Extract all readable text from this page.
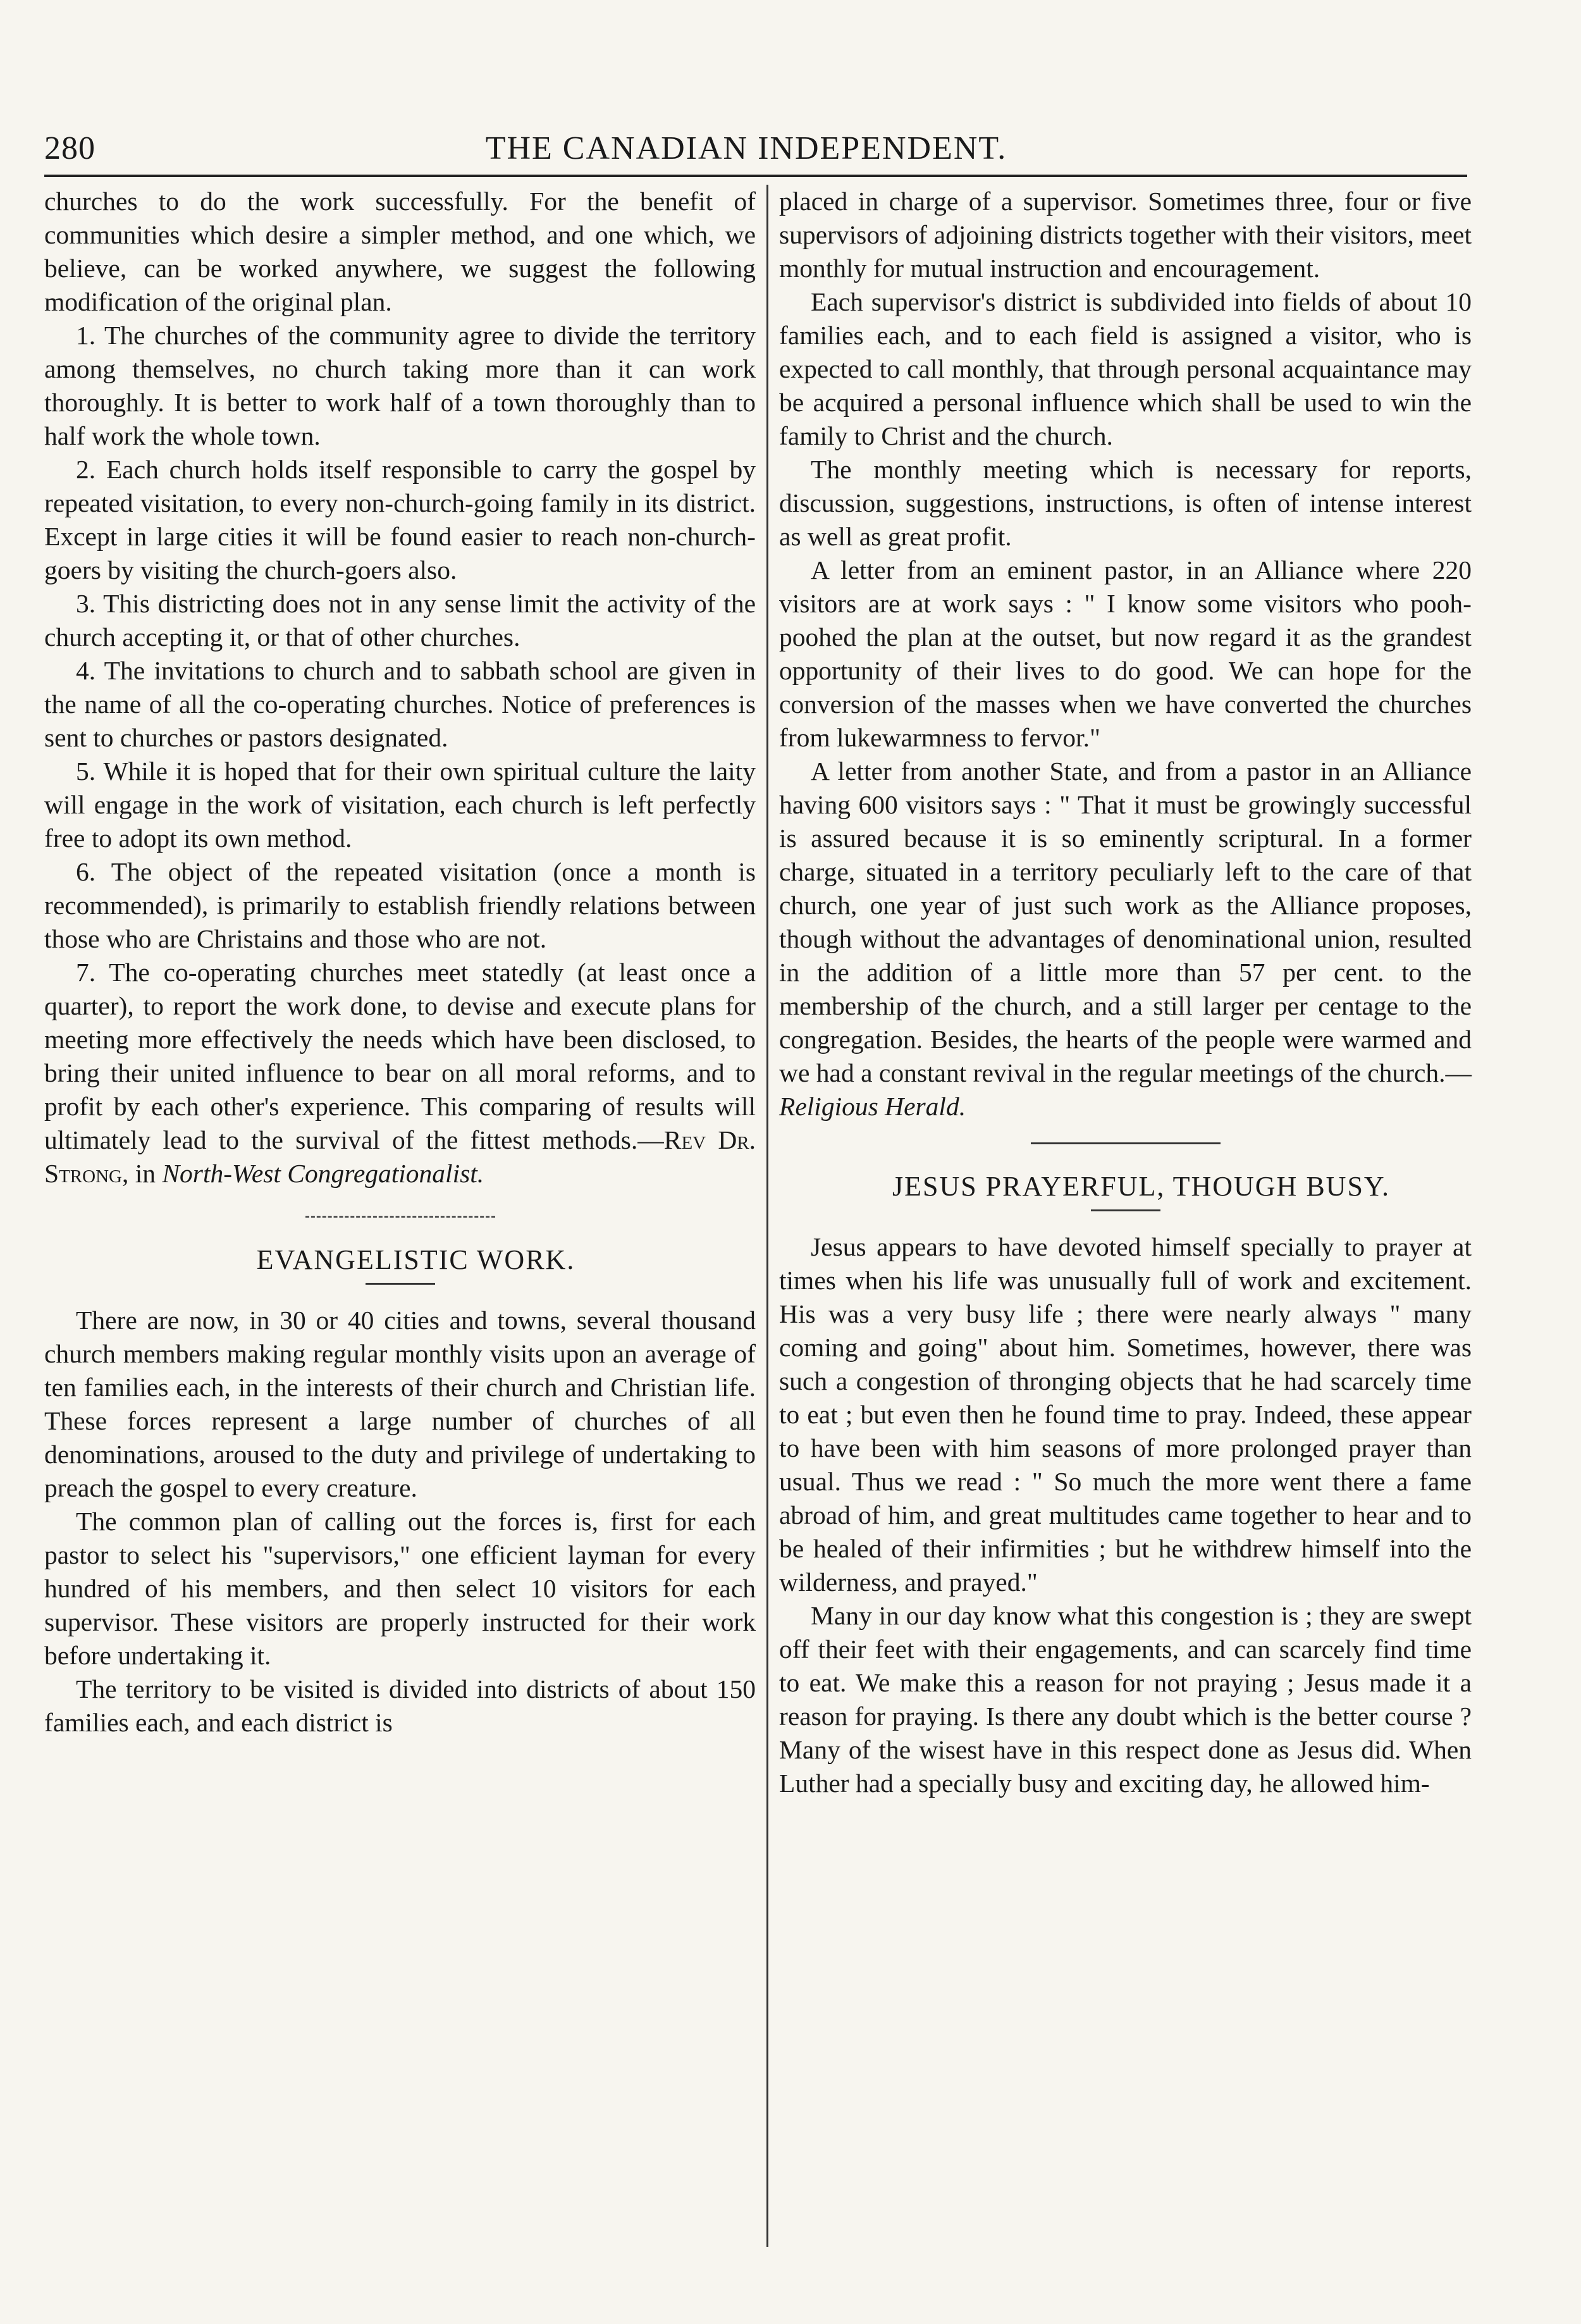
280	THE CANADIAN INDEPENDENT.

churches to do the work successfully. For the benefit of communities which desire a simpler method, and one which, we believe, can be worked anywhere, we suggest the following modification of the original plan.

1. The churches of the community agree to divide the territory among themselves, no church taking more than it can work thoroughly. It is better to work half of a town thoroughly than to half work the whole town.

2. Each church holds itself responsible to carry the gospel by repeated visitation, to every non-church-going family in its district. Except in large cities it will be found easier to reach non-church-goers by visiting the church-goers also.

3. This districting does not in any sense limit the activity of the church accepting it, or that of other churches.

4. The invitations to church and to sabbath school are given in the name of all the co-operating churches. Notice of preferences is sent to churches or pastors designated.

5. While it is hoped that for their own spiritual culture the laity will engage in the work of visitation, each church is left perfectly free to adopt its own method.

6. The object of the repeated visitation (once a month is recommended), is primarily to establish friendly relations between those who are Christains and those who are not.

7. The co-operating churches meet statedly (at least once a quarter), to report the work done, to devise and execute plans for meeting more effectively the needs which have been disclosed, to bring their united influence to bear on all moral reforms, and to profit by each other's experience. This comparing of results will ultimately lead to the survival of the fittest methods.—Rev Dr. Strong, in North-West Congregationalist.

EVANGELISTIC WORK.

There are now, in 30 or 40 cities and towns, several thousand church members making regular monthly visits upon an average of ten families each, in the interests of their church and Christian life. These forces represent a large number of churches of all denominations, aroused to the duty and privilege of undertaking to preach the gospel to every creature.

The common plan of calling out the forces is, first for each pastor to select his "supervisors," one efficient layman for every hundred of his members, and then select 10 visitors for each supervisor. These visitors are properly instructed for their work before undertaking it.

The territory to be visited is divided into districts of about 150 families each, and each district is

placed in charge of a supervisor. Sometimes three, four or five supervisors of adjoining districts together with their visitors, meet monthly for mutual instruction and encouragement.

Each supervisor's district is subdivided into fields of about 10 families each, and to each field is assigned a visitor, who is expected to call monthly, that through personal acquaintance may be acquired a personal influence which shall be used to win the family to Christ and the church.

The monthly meeting which is necessary for reports, discussion, suggestions, instructions, is often of intense interest as well as great profit.

A letter from an eminent pastor, in an Alliance where 220 visitors are at work says : " I know some visitors who pooh-poohed the plan at the outset, but now regard it as the grandest opportunity of their lives to do good. We can hope for the conversion of the masses when we have converted the churches from lukewarmness to fervor."

A letter from another State, and from a pastor in an Alliance having 600 visitors says : " That it must be growingly successful is assured because it is so eminently scriptural. In a former charge, situated in a territory peculiarly left to the care of that church, one year of just such work as the Alliance proposes, though without the advantages of denominational union, resulted in the addition of a little more than 57 per cent. to the membership of the church, and a still larger per centage to the congregation. Besides, the hearts of the people were warmed and we had a constant revival in the regular meetings of the church.—Religious Herald.

JESUS PRAYERFUL, THOUGH BUSY.

Jesus appears to have devoted himself specially to prayer at times when his life was unusually full of work and excitement. His was a very busy life ; there were nearly always " many coming and going" about him. Sometimes, however, there was such a congestion of thronging objects that he had scarcely time to eat ; but even then he found time to pray. Indeed, these appear to have been with him seasons of more prolonged prayer than usual. Thus we read : " So much the more went there a fame abroad of him, and great multitudes came together to hear and to be healed of their infirmities ; but he withdrew himself into the wilderness, and prayed."

Many in our day know what this congestion is ; they are swept off their feet with their engagements, and can scarcely find time to eat. We make this a reason for not praying ; Jesus made it a reason for praying. Is there any doubt which is the better course ? Many of the wisest have in this respect done as Jesus did. When Luther had a specially busy and exciting day, he allowed him-
